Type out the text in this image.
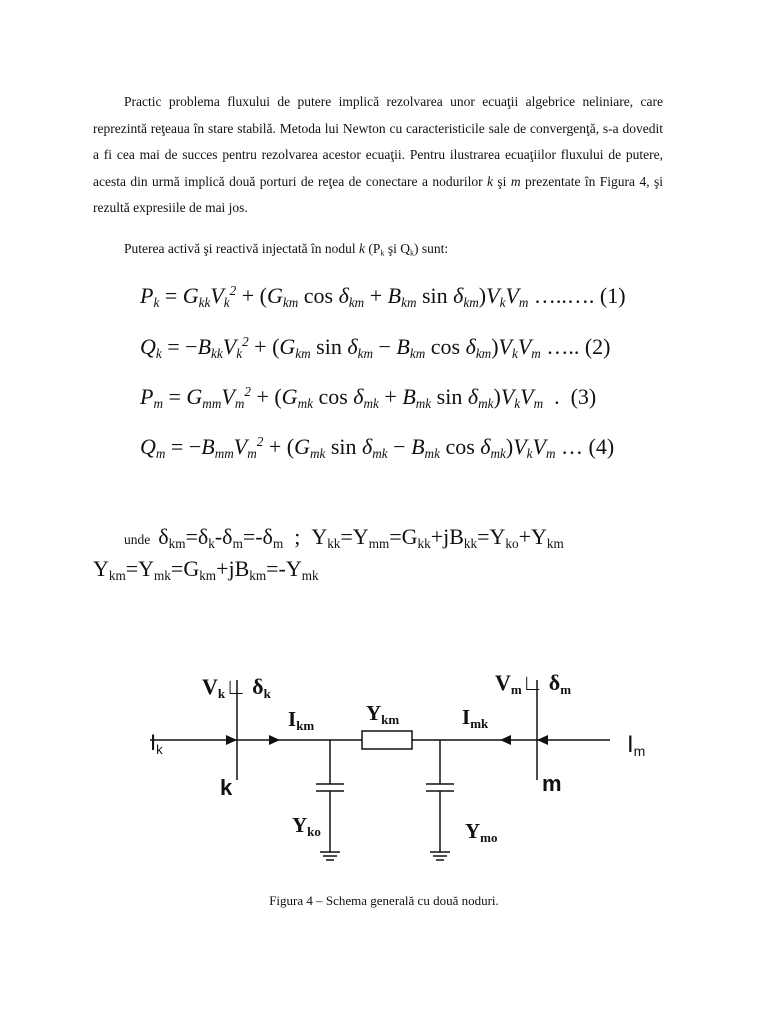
Practic problema fluxului de putere implică rezolvarea unor ecuaţii algebrice neliniare, care reprezintă reţeaua în stare stabilă. Metoda lui Newton cu caracteristicile sale de convergenţă, s-a dovedit a fi cea mai de succes pentru rezolvarea acestor ecuaţii. Pentru ilustrarea ecuaţiilor fluxului de putere, acesta din urmă implică două porturi de reţea de conectare a nodurilor k şi m prezentate în Figura 4, şi rezultă expresiile de mai jos.

Puterea activă şi reactivă injectată în nodul k ($P_k$ şi $Q_k$) sunt:

$P_k = G_{kk}V_k^2 + (G_{km}$ $\cos \delta_{km} + B_{km}$ $\sin \delta_{km})V_kV_m$ …..…. (1)
$Q_k = -B_{kk}V_k^2 + (G_{km}$ $\sin \delta_{km} - B_{km}$ $\cos \delta_{km})V_kV_m$ ….. (2)
$P_m = G_{mm}V_m^2 + (G_{mk}$ $\cos \delta_{mk} + B_{mk}$ $\sin \delta_{mk})V_kV_m$  .  (3)
$Q_m = -B_{mm}V_m^2 + (G_{mk}$ $\sin \delta_{mk} - B_{mk}$ $\cos \delta_{mk})V_kV_m$ … (4)
unde $\delta_{km}=\delta_k-\delta_m=-\delta_m$  ;  $Y_{kk}=Y_{mm}=G_{kk}+jB_{kk}=Y_{ko}+Y_{km}$
$Y_{km}=Y_{mk}=G_{km}+jB_{km}=-Y_{mk}$
Vk∟ δk	Vm∟ δm
Ikm
Ykm	Imk
Yko	Ymo
Ik	Im
k	m
Figura 4 – Schema generală cu două noduri.
